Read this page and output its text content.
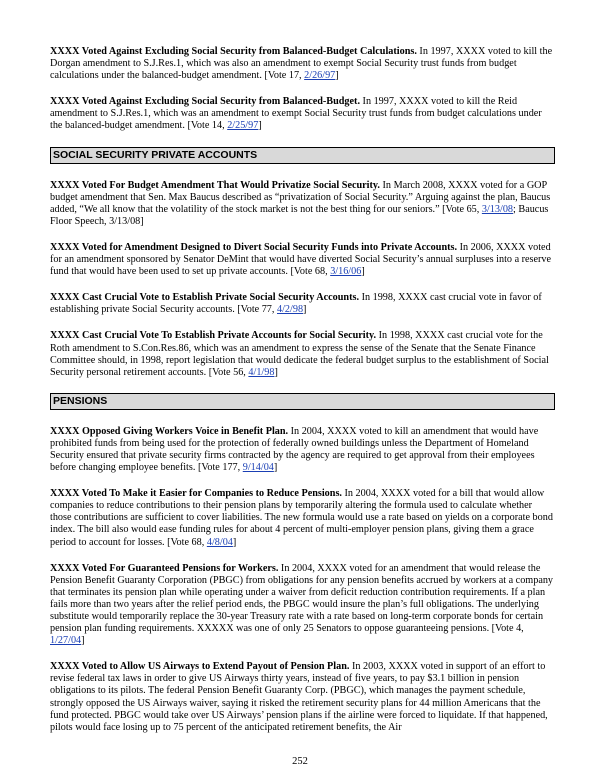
XXXX Voted Against Excluding Social Security from Balanced-Budget Calculations. In 1997, XXXX voted to kill the Dorgan amendment to S.J.Res.1, which was also an amendment to exempt Social Security trust funds from budget calculations under the balanced-budget amendment. [Vote 17, 2/26/97]

XXXX Voted Against Excluding Social Security from Balanced-Budget. In 1997, XXXX voted to kill the Reid amendment to S.J.Res.1, which was an amendment to exempt Social Security trust funds from budget calculations under the balanced-budget amendment. [Vote 14, 2/25/97]

SOCIAL SECURITY PRIVATE ACCOUNTS

XXXX Voted For Budget Amendment That Would Privatize Social Security. In March 2008, XXXX voted for a GOP budget amendment that Sen. Max Baucus described as “privatization of Social Security.” Arguing against the plan, Baucus added, “We all know that the volatility of the stock market is not the best thing for our seniors.” [Vote 65, 3/13/08; Baucus Floor Speech, 3/13/08]

XXXX Voted for Amendment Designed to Divert Social Security Funds into Private Accounts. In 2006, XXXX voted for an amendment sponsored by Senator DeMint that would have diverted Social Security’s annual surpluses into a reserve fund that would have been used to set up private accounts. [Vote 68, 3/16/06]

XXXX Cast Crucial Vote to Establish Private Social Security Accounts. In 1998, XXXX cast crucial vote in favor of establishing private Social Security accounts. [Vote 77, 4/2/98]

XXXX Cast Crucial Vote To Establish Private Accounts for Social Security. In 1998, XXXX cast crucial vote for the Roth amendment to S.Con.Res.86, which was an amendment to express the sense of the Senate that the Senate Finance Committee should, in 1998, report legislation that would dedicate the federal budget surplus to the establishment of Social Security personal retirement accounts. [Vote 56, 4/1/98]

PENSIONS

XXXX Opposed Giving Workers Voice in Benefit Plan. In 2004, XXXX voted to kill an amendment that would have prohibited funds from being used for the protection of federally owned buildings unless the Department of Homeland Security ensured that private security firms contracted by the agency are required to get approval from their employees before changing employee benefits. [Vote 177, 9/14/04]

XXXX Voted To Make it Easier for Companies to Reduce Pensions. In 2004, XXXX voted for a bill that would allow companies to reduce contributions to their pension plans by temporarily altering the formula used to calculate whether those contributions are sufficient to cover liabilities. The new formula would use a rate based on yields on a corporate bond index. The bill also would ease funding rules for about 4 percent of multi-employer pension plans, giving them a grace period to account for losses. [Vote 68, 4/8/04]

XXXX Voted For Guaranteed Pensions for Workers. In 2004, XXXX voted for an amendment that would release the Pension Benefit Guaranty Corporation (PBGC) from obligations for any pension benefits accrued by workers at a company that terminates its pension plan while operating under a waiver from deficit reduction contribution requirements. If a plan fails more than two years after the relief period ends, the PBGC would insure the plan’s full obligations. The underlying substitute would temporarily replace the 30-year Treasury rate with a rate based on long-term corporate bonds for certain pension plan funding requirements. XXXXX was one of only 25 Senators to oppose guaranteeing pensions. [Vote 4, 1/27/04]

XXXX Voted to Allow US Airways to Extend Payout of Pension Plan. In 2003, XXXX voted in support of an effort to revise federal tax laws in order to give US Airways thirty years, instead of five years, to pay $3.1 billion in pension obligations to its pilots. The federal Pension Benefit Guaranty Corp. (PBGC), which manages the payment schedule, strongly opposed the US Airways waiver, saying it risked the retirement security plans for 44 million Americans that the fund protected. PBGC would take over US Airways’ pension plans if the airline were forced to liquidate. If that happened, pilots would face losing up to 75 percent of the anticipated retirement benefits, the Air

252
